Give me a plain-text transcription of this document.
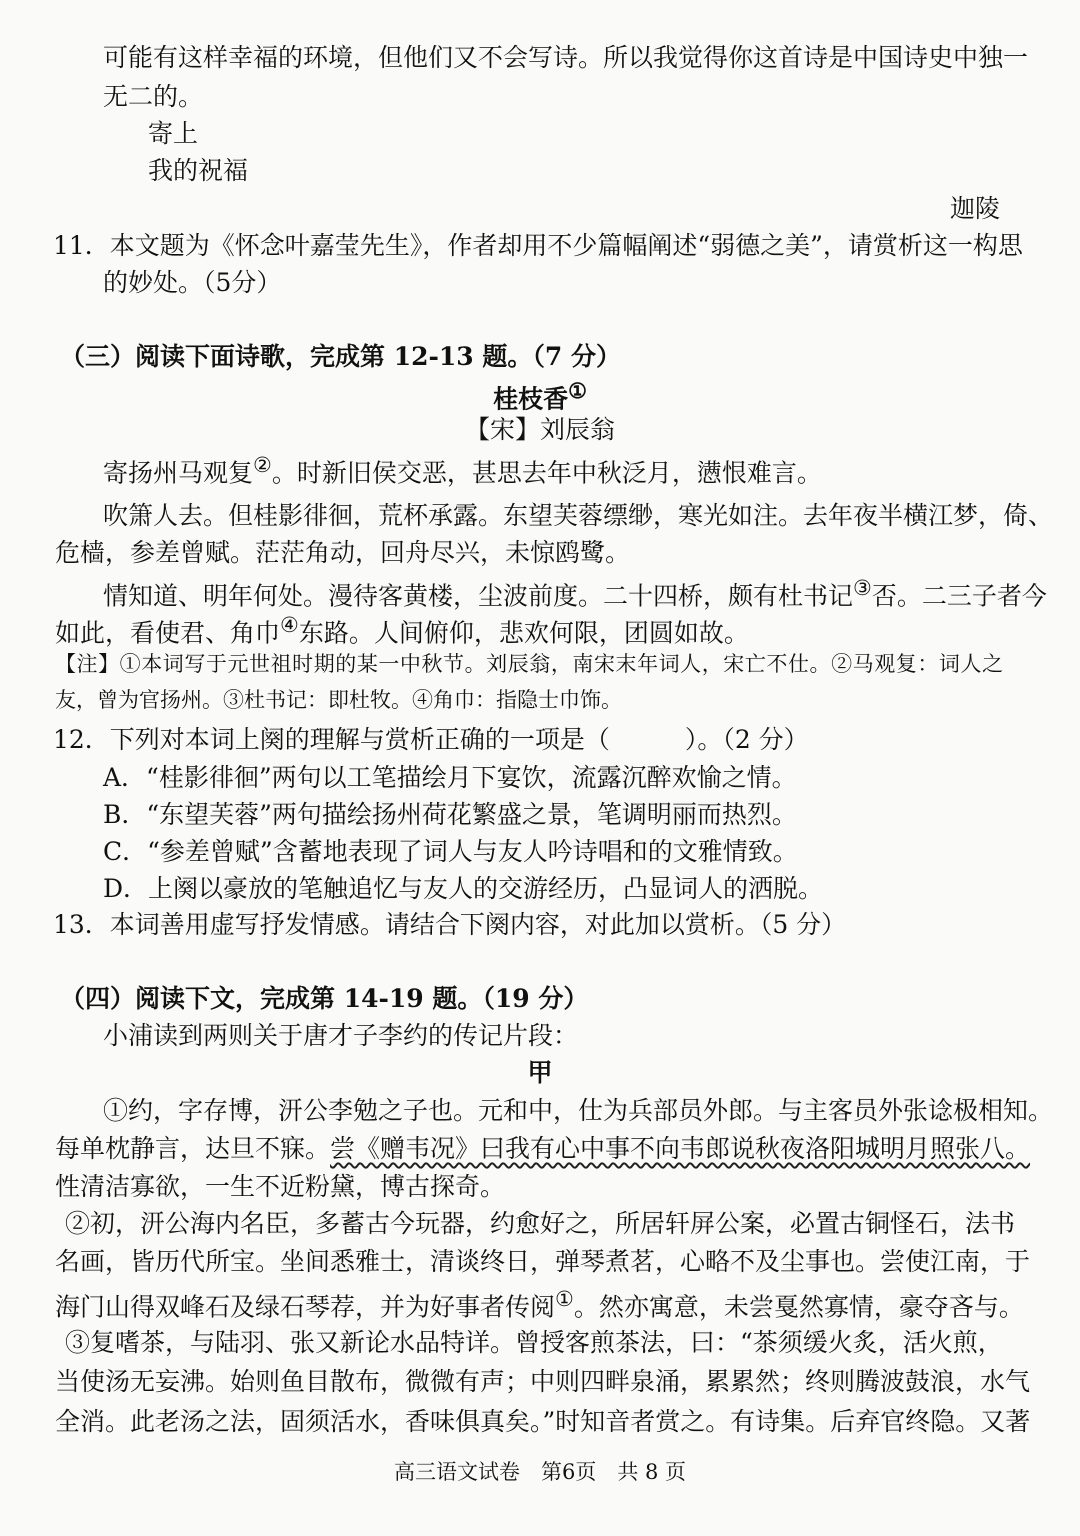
可能有这样幸福的环境，但他们又不会写诗。所以我觉得你这首诗是中国诗史中独一
无二的。
寄上
我的祝福
迦陵
11．本文题为《怀念叶嘉莹先生》，作者却用不少篇幅阐述“弱德之美”，请赏析这一构思
的妙处。（5分）
（三）阅读下面诗歌，完成第 12-13 题。（7 分）
桂枝香①
【宋】刘辰翁
寄扬州马观复②。时新旧侯交恶，甚思去年中秋泛月，懑恨难言。
吹箫人去。但桂影徘徊，荒杯承露。东望芙蓉缥缈，寒光如注。去年夜半横江梦，倚、
危樯，参差曾赋。茫茫角动，回舟尽兴，未惊鸥鹭。
情知道、明年何处。漫待客黄楼，尘波前度。二十四桥，颇有杜书记③否。二三子者今
如此，看使君、角巾④东路。人间俯仰，悲欢何限，团圆如故。
【注】①本词写于元世祖时期的某一中秋节。刘辰翁，南宋末年词人，宋亡不仕。②马观复：词人之
友，曾为官扬州。③杜书记：即杜牧。④角巾：指隐士巾饰。
12．下列对本词上阕的理解与赏析正确的一项是（　　　）。（2 分）
A．“桂影徘徊”两句以工笔描绘月下宴饮，流露沉醉欢愉之情。
B．“东望芙蓉”两句描绘扬州荷花繁盛之景，笔调明丽而热烈。
C．“参差曾赋”含蓄地表现了词人与友人吟诗唱和的文雅情致。
D．上阕以豪放的笔触追忆与友人的交游经历，凸显词人的洒脱。
13．本词善用虚写抒发情感。请结合下阕内容，对此加以赏析。（5 分）
（四）阅读下文，完成第 14-19 题。（19 分）
小浦读到两则关于唐才子李约的传记片段：
甲
①约，字存博，汧公李勉之子也。元和中，仕为兵部员外郎。与主客员外张谂极相知。
每单枕静言，达旦不寐。尝《赠韦况》曰我有心中事不向韦郎说秋夜洛阳城明月照张八。
性清洁寡欲，一生不近粉黛，博古探奇。
②初，汧公海内名臣，多蓄古今玩器，约愈好之，所居轩屏公案，必置古铜怪石，法书
名画，皆历代所宝。坐间悉雅士，清谈终日，弹琴煮茗，心略不及尘事也。尝使江南，于
海门山得双峰石及绿石琴荐，并为好事者传阅①。然亦寓意，未尝戛然寡情，豪夺吝与。
③复嗜茶，与陆羽、张又新论水品特详。曾授客煎茶法，曰：“茶须缓火炙，活火煎，
当使汤无妄沸。始则鱼目散布，微微有声；中则四畔泉涌，累累然；终则腾波鼓浪，水气
全消。此老汤之法，固须活水，香味俱真矣。”时知音者赏之。有诗集。后弃官终隐。又著
高三语文试卷　 第6页　 共 8 页
